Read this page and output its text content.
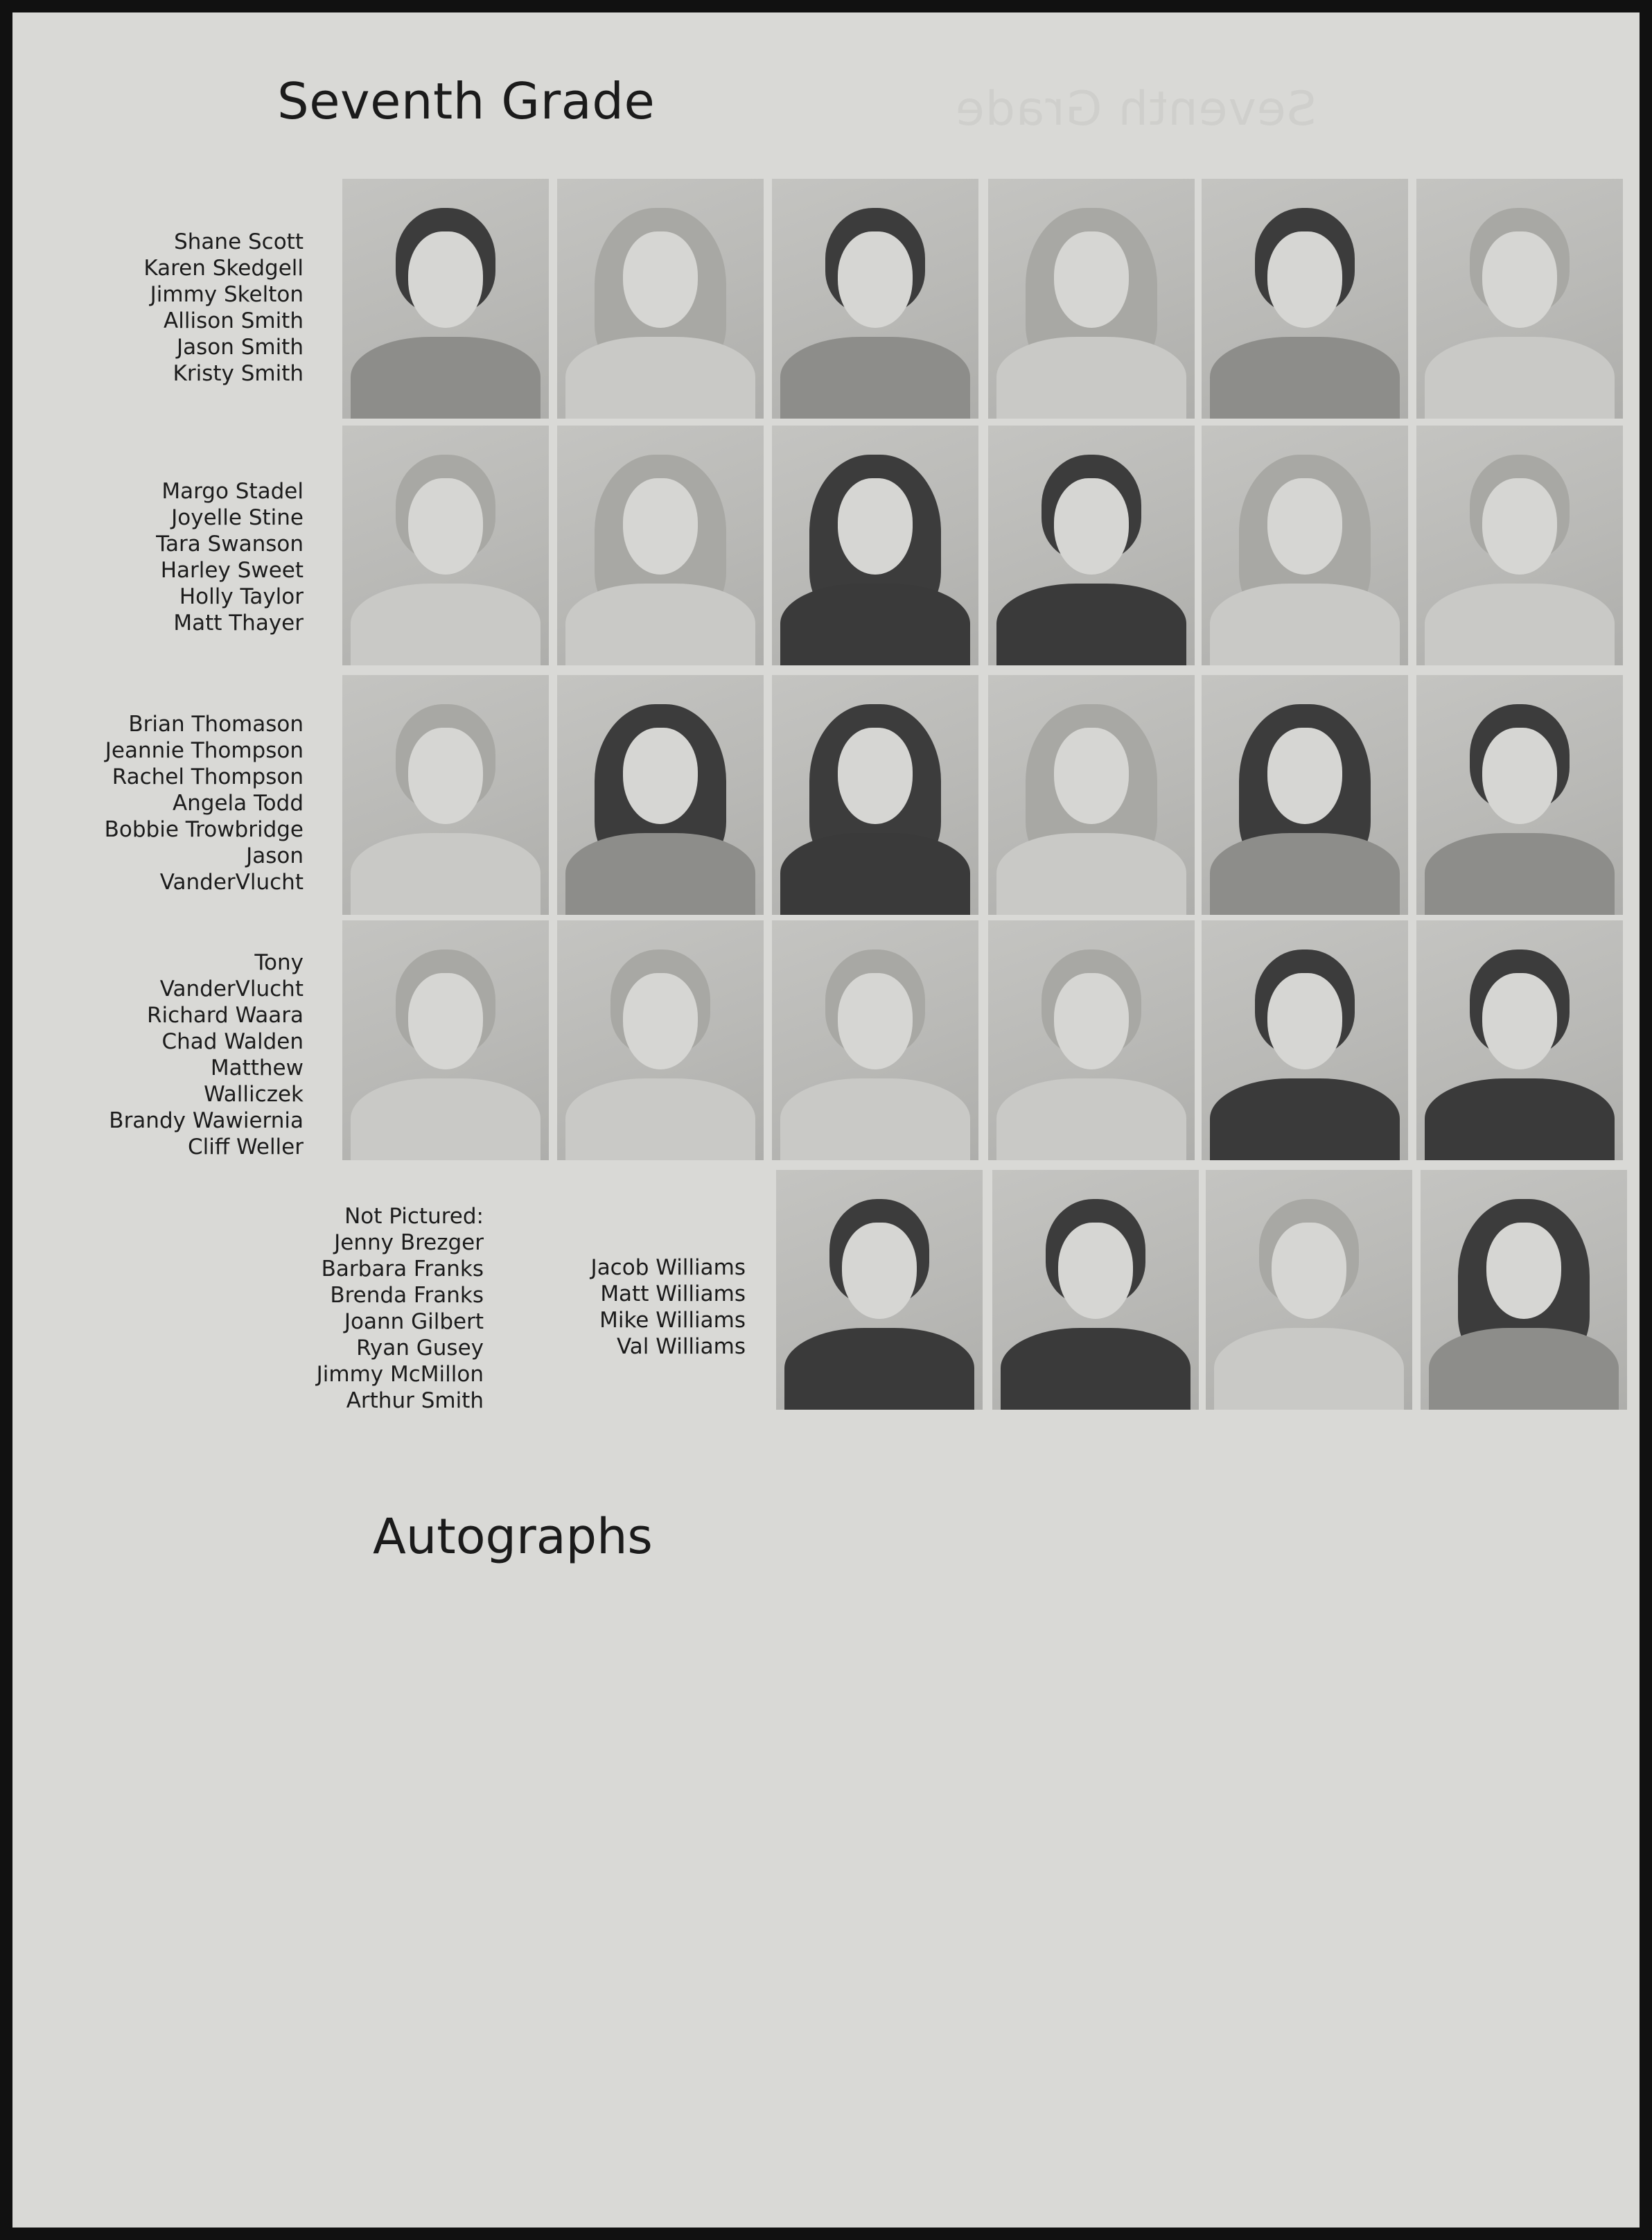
Seventh Grade
Seventh Grade
Shane Scott
Karen Skedgell
Jimmy Skelton
Allison Smith
Jason Smith
Kristy Smith
Margo Stadel
Joyelle Stine
Tara Swanson
Harley Sweet
Holly Taylor
Matt Thayer
Brian Thomason
Jeannie Thompson
Rachel Thompson
Angela Todd
Bobbie Trowbridge
Jason
VanderVlucht
Tony
VanderVlucht
Richard Waara
Chad Walden
Matthew
Walliczek
Brandy Wawiernia
Cliff Weller
Not Pictured:
Jenny Brezger
Barbara Franks
Brenda Franks
Joann Gilbert
Ryan Gusey
Jimmy McMillon
Arthur Smith
Jacob Williams
Matt Williams
Mike Williams
Val Williams
Autographs
